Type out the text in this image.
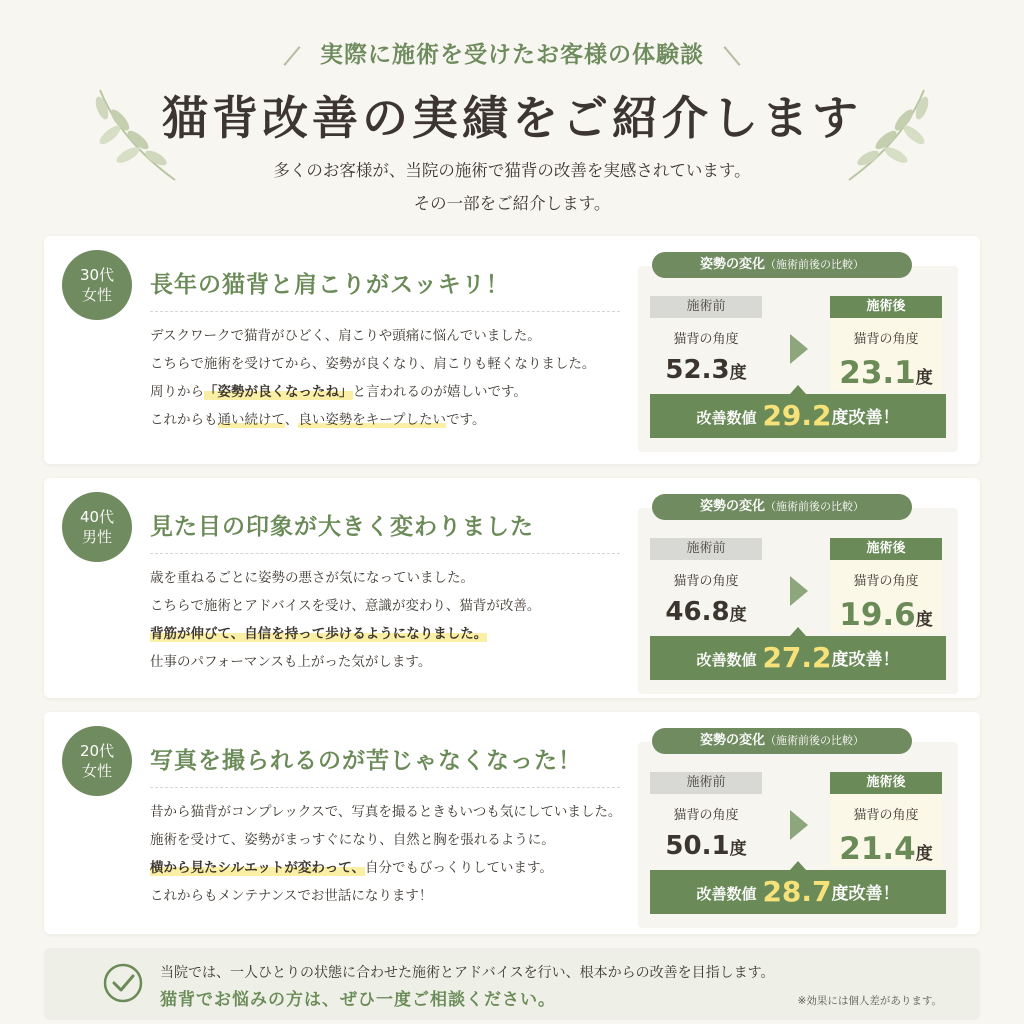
実際に施術を受けたお客様の体験談
猫背改善の実績をご紹介します

多くのお客様が、当院の施術で猫背の改善を実感されています。

その一部をご紹介します。

30代
女性	長年の猫背と肩こりがスッキリ！

デスクワークで猫背がひどく、肩こりや頭痛に悩んでいました。

こちらで施術を受けてから、姿勢が良くなり、肩こりも軽くなりました。

周りから「姿勢が良くなったね」と言われるのが嬉しいです。

これからも通い続けて、良い姿勢をキープしたいです。

姿勢の変化（施術前後の比較）
施術前
猫背の角度
52.3度
施術後
猫背の角度
23.1度
改善数値 29.2度改善！
40代
男性	見た目の印象が大きく変わりました

歳を重ねるごとに姿勢の悪さが気になっていました。

こちらで施術とアドバイスを受け、意識が変わり、猫背が改善。

背筋が伸びて、自信を持って歩けるようになりました。

仕事のパフォーマンスも上がった気がします。

姿勢の変化（施術前後の比較）
施術前
猫背の角度
46.8度
施術後
猫背の角度
19.6度
改善数値 27.2度改善！
20代
女性	写真を撮られるのが苦じゃなくなった！

昔から猫背がコンプレックスで、写真を撮るときもいつも気にしていました。

施術を受けて、姿勢がまっすぐになり、自然と胸を張れるように。

横から見たシルエットが変わって、自分でもびっくりしています。

これからもメンテナンスでお世話になります！

姿勢の変化（施術前後の比較）
施術前
猫背の角度
50.1度
施術後
猫背の角度
21.4度
改善数値 28.7度改善！

当院では、一人ひとりの状態に合わせた施術とアドバイスを行い、根本からの改善を目指します。

猫背でお悩みの方は、ぜひ一度ご相談ください。	※効果には個人差があります。
